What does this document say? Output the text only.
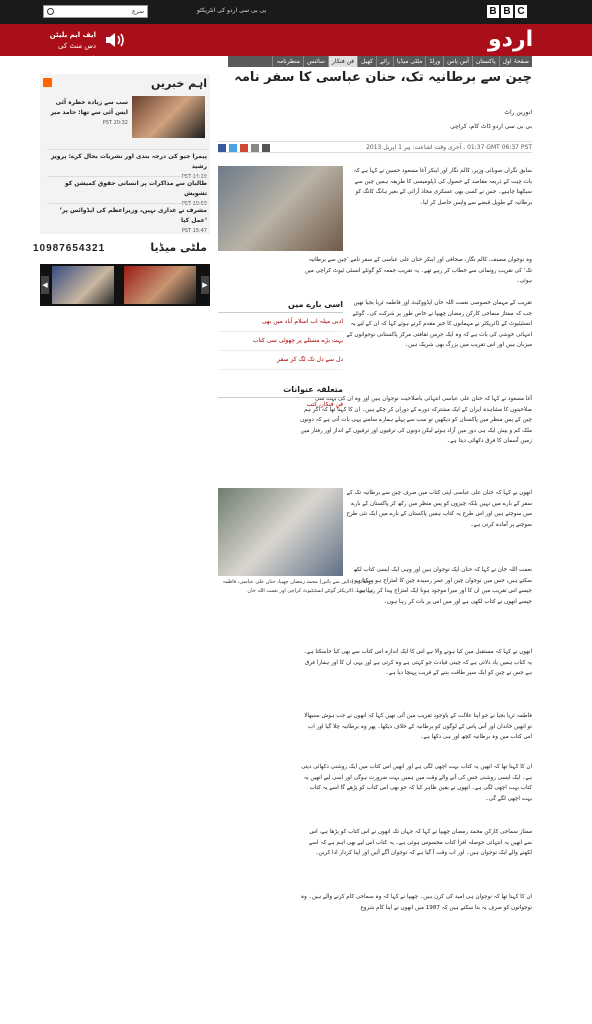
B B C
بی بی سی اردو کی انٹریکٹو
سرچ
اردو
ایف ایم بلیٹن
دس منٹ کی خبریں
صفحۂ اول
پاکستان
آس پاس
ورلڈ
ملٹی میڈیا
رائے
کھیل
فن فنکار
سائنس
منظرنامہ
چین سے برطانیہ تک، حنان عباسی کا سفر نامہ
انوربن راٹ
بی بی سی اردو ڈاٹ کام، کراچی
آخری وقت اشاعت: پير 1 اپريل 2013 ,‭ 01:37 GMT 06:37 PST
سابق نگراں صوبائی وزیر، کالم نگار اور اینکر آغا مسعود حسین نے کہا ہے کہ بات چیت کے ذریعہ مقاصد کے حصول کی ڈپلومیسی کا طریقہ ہمیں چین سے سیکھنا چاہیے۔ جس نے کسی بھی عسکری محاذ آرائی کے بغیر ہانگ کانگ کو برطانیہ کے طویل قبضے سے واپس حاصل کر لیا۔
وہ نوجوان مصنف، کالم نگار، صحافی اور اینکر حنان علی عباسی کے سفر نامے ’چین سے برطانیہ تک‘ کی تقریب رونمائی سے خطاب کر رہے تھے۔ یہ تقریب جمعہ کو گوئٹے انسٹی ٹیوٹ کراچی میں ہوئی۔
تقریب کے مہمان خصوصی نعمت اللہ خان ایڈووکیٹ اور فاطمہ ثریا بجیا تھیں جب کہ ممتاز سماجی کارکن رمضان چھیپا نے خاص طور پر شرکت کی۔ گوئٹے انسٹیٹیوٹ کے ڈائریکٹر نے مہمانوں کا خیر مقدم کرتے ہوئے کہا کہ ان کے لیے یہ انتہائی خوشی کی بات ہے کہ وہ ایک جرمن ثقافتی مرکز پاکستانی نوجوانوں کے میزبان ہیں اور اس تقریب میں بزرگ بھی شریک ہیں۔
آغا مسعود نے کہا کہ حنان علی عباسی انتہائی باصلاحیت نوجوان ہیں اور وہ ان کی بہت سی صلاحیتوں کا مشاہدہ ایران کے ایک مشترکہ دورے کے دوران کر چکے ہیں۔ ان کا کہنا تھا کہ اگر ہم چین کے پس منظر میں پاکستان کو دیکھیں تو سب سے پہلے ہمارے سامنے یہی بات آتی ہے کہ دونوں ملک کم و بیش ایک ہی دور میں آزاد ہوئے لیکن دونوں کی ترقیوں اور ترقیوں کے انداز اور رفتار میں زمین آسمان کا فرق دکھائی دیتا ہے۔
انھوں نے کہا کہ حنان علی عباسی اپنی کتاب میں صرف چین سے برطانیہ تک کے سفر کے بارے میں نہیں بلکہ چیزوں کو پس منظر میں رکھ کر پاکستان کے بارے میں سوچتے ہیں اور اس طرح یہ کتاب ہمیں پاکستان کے بارے میں ایک نئی طرح سوچنے پر آمادہ کرتی ہے۔
رونمائی، (دائیں سے بائیں) محمد رمضان چھیپا، حنان علی عباسی، فاطمہ ثریا بجیا، ڈائریکٹر گوئٹے انسٹیٹیوٹ کراچی اور نعمت اللہ خان
نعمت اللہ خان نے کہا کہ حنان ایک نوجوان ہیں اور وہی ایک ایسی کتاب لکھ سکتے ہیں، جس میں نوجوان چین اور عمر رسیدہ چین کا امتزاج ہو سکتا ہو۔ جیسے اس تقریب میں ان کا اور میرا موجود ہونا ایک امتزاج پیدا کر رہا ہے۔ جیسے انھوں نے کتاب لکھی ہے اور میں اس پر بات کر رہا ہوں۔
انھوں نے کہا کہ مستقبل میں کیا ہونے والا ہے اس کا ایک اندازہ اس کتاب سے بھی کیا جاسکتا ہے۔ یہ کتاب ہمیں یاد دلاتی ہے کہ چینی قیادت جو کہتی ہے وہ کرتی ہے اور یہی ان کا اور ہمارا فرق ہے جس نے چین کو ایک سپر طاقت بننے کے قریب پہنچا دیا ہے۔
فاطمہ ثریا بجیا نے جو اپنا علالت کے باوجود تقریب میں آئی تھیں کہا کہ انھوں نے جب ہوش سنبھالا تو انھیں خاندان اور آس پاس کے لوگوں کو برطانیہ کے خلاف دیکھا۔ پھر وہ برطانیہ چلا گیا اور اب اس کتاب میں وہ برطانیہ کچھ اور ہی دکھا ہے۔
ان کا کہنا تھا کہ انھیں یہ کتاب بہت اچھی لگی ہے اور انھیں اس کتاب میں ایک روشنی دکھائی دیتی ہے۔ ایک ایسی روشنی جس کی آنے والے وقت میں ہمیں بہت ضرورت ہوگی اور اسی لیے انھیں یہ کتاب بہت اچھی لگی ہے۔ انھوں نے یقین ظاہر کیا کہ جو بھی اس کتاب کو پڑھے گا اسے یہ کتاب بہت اچھی لگے گی۔
ممتاز سماجی کارکن محمد رمضان چھیپا نے کہا کہ جہاں تک انھوں نے اس کتاب کو پڑھا ہے، اس سے انھیں یہ انتہائی حوصلہ افزا کتاب محسوس ہوئی ہے۔ یہ کتاب اس لیے بھی اہم ہے کہ اسے لکھنے والے ایک نوجوان ہیں۔ اور اب وقت آ گیا ہے کہ نوجوان آگے آئیں اور اپنا کردار ادا کریں۔
ان کا کہنا تھا کہ نوجوان ہی امید کی کرن ہیں۔ چھیپا نے کہا کہ وہ سماجی کام کرنے والے ہیں۔ وہ نوجوانوں کو صرف یہ بتا سکتے ہیں کہ 1987 میں انھوں نے اپنا کام شروع
اسی بارے میں
ادبی میلہ اب اسلام آباد میں بھی
بہت بڑے مسئلے پر چھوٹی سی کتاب
دل سے دل تک لگ کر سفر
متعلقہ عنوانات
فن فنکار، کتب
اہم خبریں
سب سے زیادہ خطرہ آئی ایس آئی سے تھا: حامد میر
PST 20:32
پیمرا جیو کی درجہ بندی اور نشریات بحال کرے: پرویز رشید
PST 14:19
طالبان سے مذاکرات پر انسانی حقوق کمیشن کو تشویش
PST 19:59
’مشرف نے غداری نہیں، وزیراعظم کی ایڈوائس پر عمل کیا‘
PST 15:47
ملٹی میڈیا
10987654321
◀	▶
